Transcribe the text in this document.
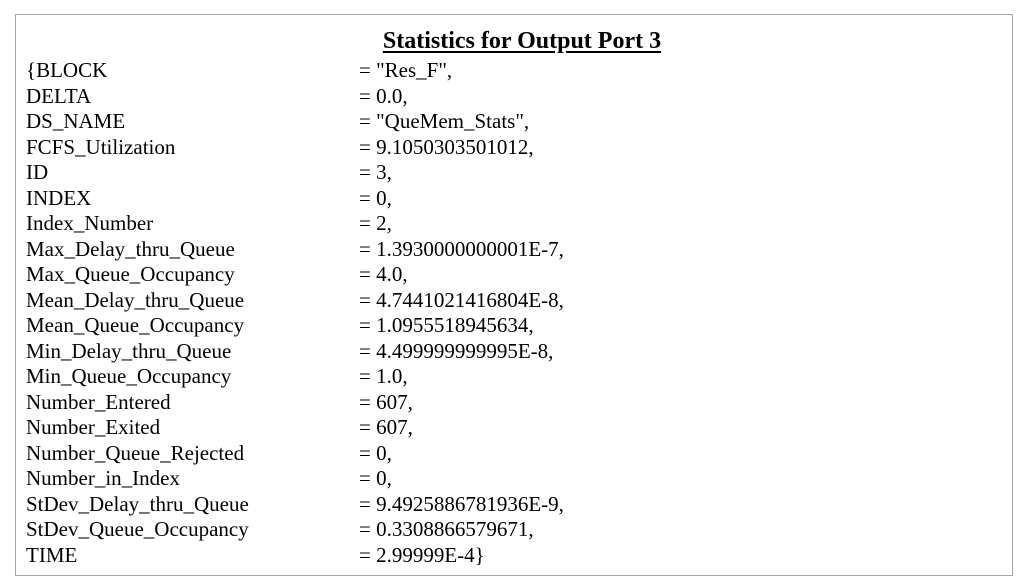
Statistics for Output Port 3
{BLOCK	= "Res_F",
DELTA	= 0.0,
DS_NAME	= "QueMem_Stats",
FCFS_Utilization	= 9.1050303501012,
ID	= 3,
INDEX	= 0,
Index_Number	= 2,
Max_Delay_thru_Queue	= 1.3930000000001E-7,
Max_Queue_Occupancy	= 4.0,
Mean_Delay_thru_Queue	= 4.7441021416804E-8,
Mean_Queue_Occupancy	= 1.0955518945634,
Min_Delay_thru_Queue	= 4.499999999995E-8,
Min_Queue_Occupancy	= 1.0,
Number_Entered	= 607,
Number_Exited	= 607,
Number_Queue_Rejected	= 0,
Number_in_Index	= 0,
StDev_Delay_thru_Queue	= 9.4925886781936E-9,
StDev_Queue_Occupancy	= 0.3308866579671,
TIME	= 2.99999E-4}
